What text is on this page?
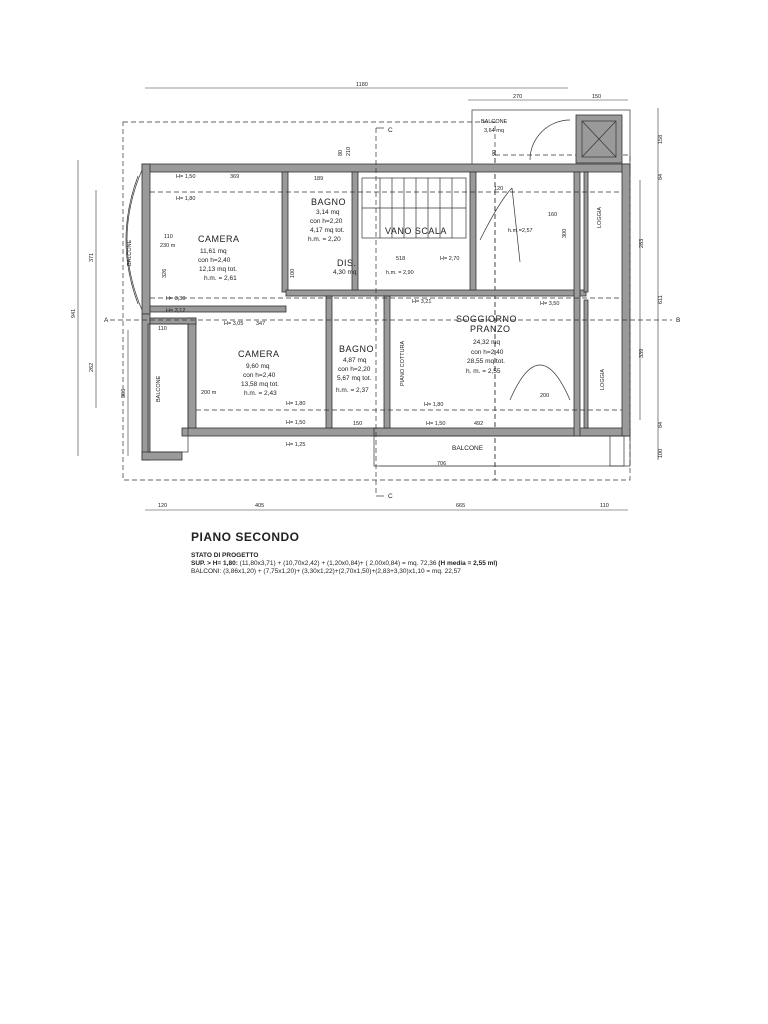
CAMERA
11,61 mq
con h=2,40
12,13 mq tot.
h.m. = 2,61
BAGNO
3,14 mq
con h=2,20
4,17 mq tot.
h.m. = 2,20
VANO SCALA
DIS.
4,30 mq
BALCONE
3,64 mq
LOGGIA
CAMERA
9,60 mq
con h=2,40
13,58 mq tot.
h.m. = 2,43
BAGNO
4,87 mq
con h=2,20
5,67 mq tot.
h.m. = 2,37
SOGGIORNO
PRANZO
24,32 mq
con h=2,40
28,55 mq tot.
h. m. = 2,55
BALCONE
BALCONE
BALCONE
LOGGIA
PIANO COTTURA
1180
270	150
941
371
262
306
158
84
283
611
339
84
100
120	405	665	110
706
H= 1,50	369
H= 1,80
189
80 210
100
120
110
230 m
326
H= 3,30
H= 3,12
H= 3,05 347
518	H= 2,70
h.m. = 2,90
h.m.=2,57
160
300
H= 3,21	H= 3,50
150
200 m
H= 1,80
H= 1,50
H= 1,25
H= 1,80
H= 1,50	492
200
90
110
A	B
C
C
PIANO SECONDO
STATO DI PROGETTO
SUP. > H= 1,80: (11,80x3,71) + (10,70x2,42) + (1,20x0,84)+ ( 2,00x0,84) = mq. 72,36 (H media = 2,55 ml)
BALCONI: (3,86x1,20) + (7,75x1,20)+ (3,30x1,22)+(2,70x1,50)+(2,83+3,30)x1,10 = mq. 22,57
